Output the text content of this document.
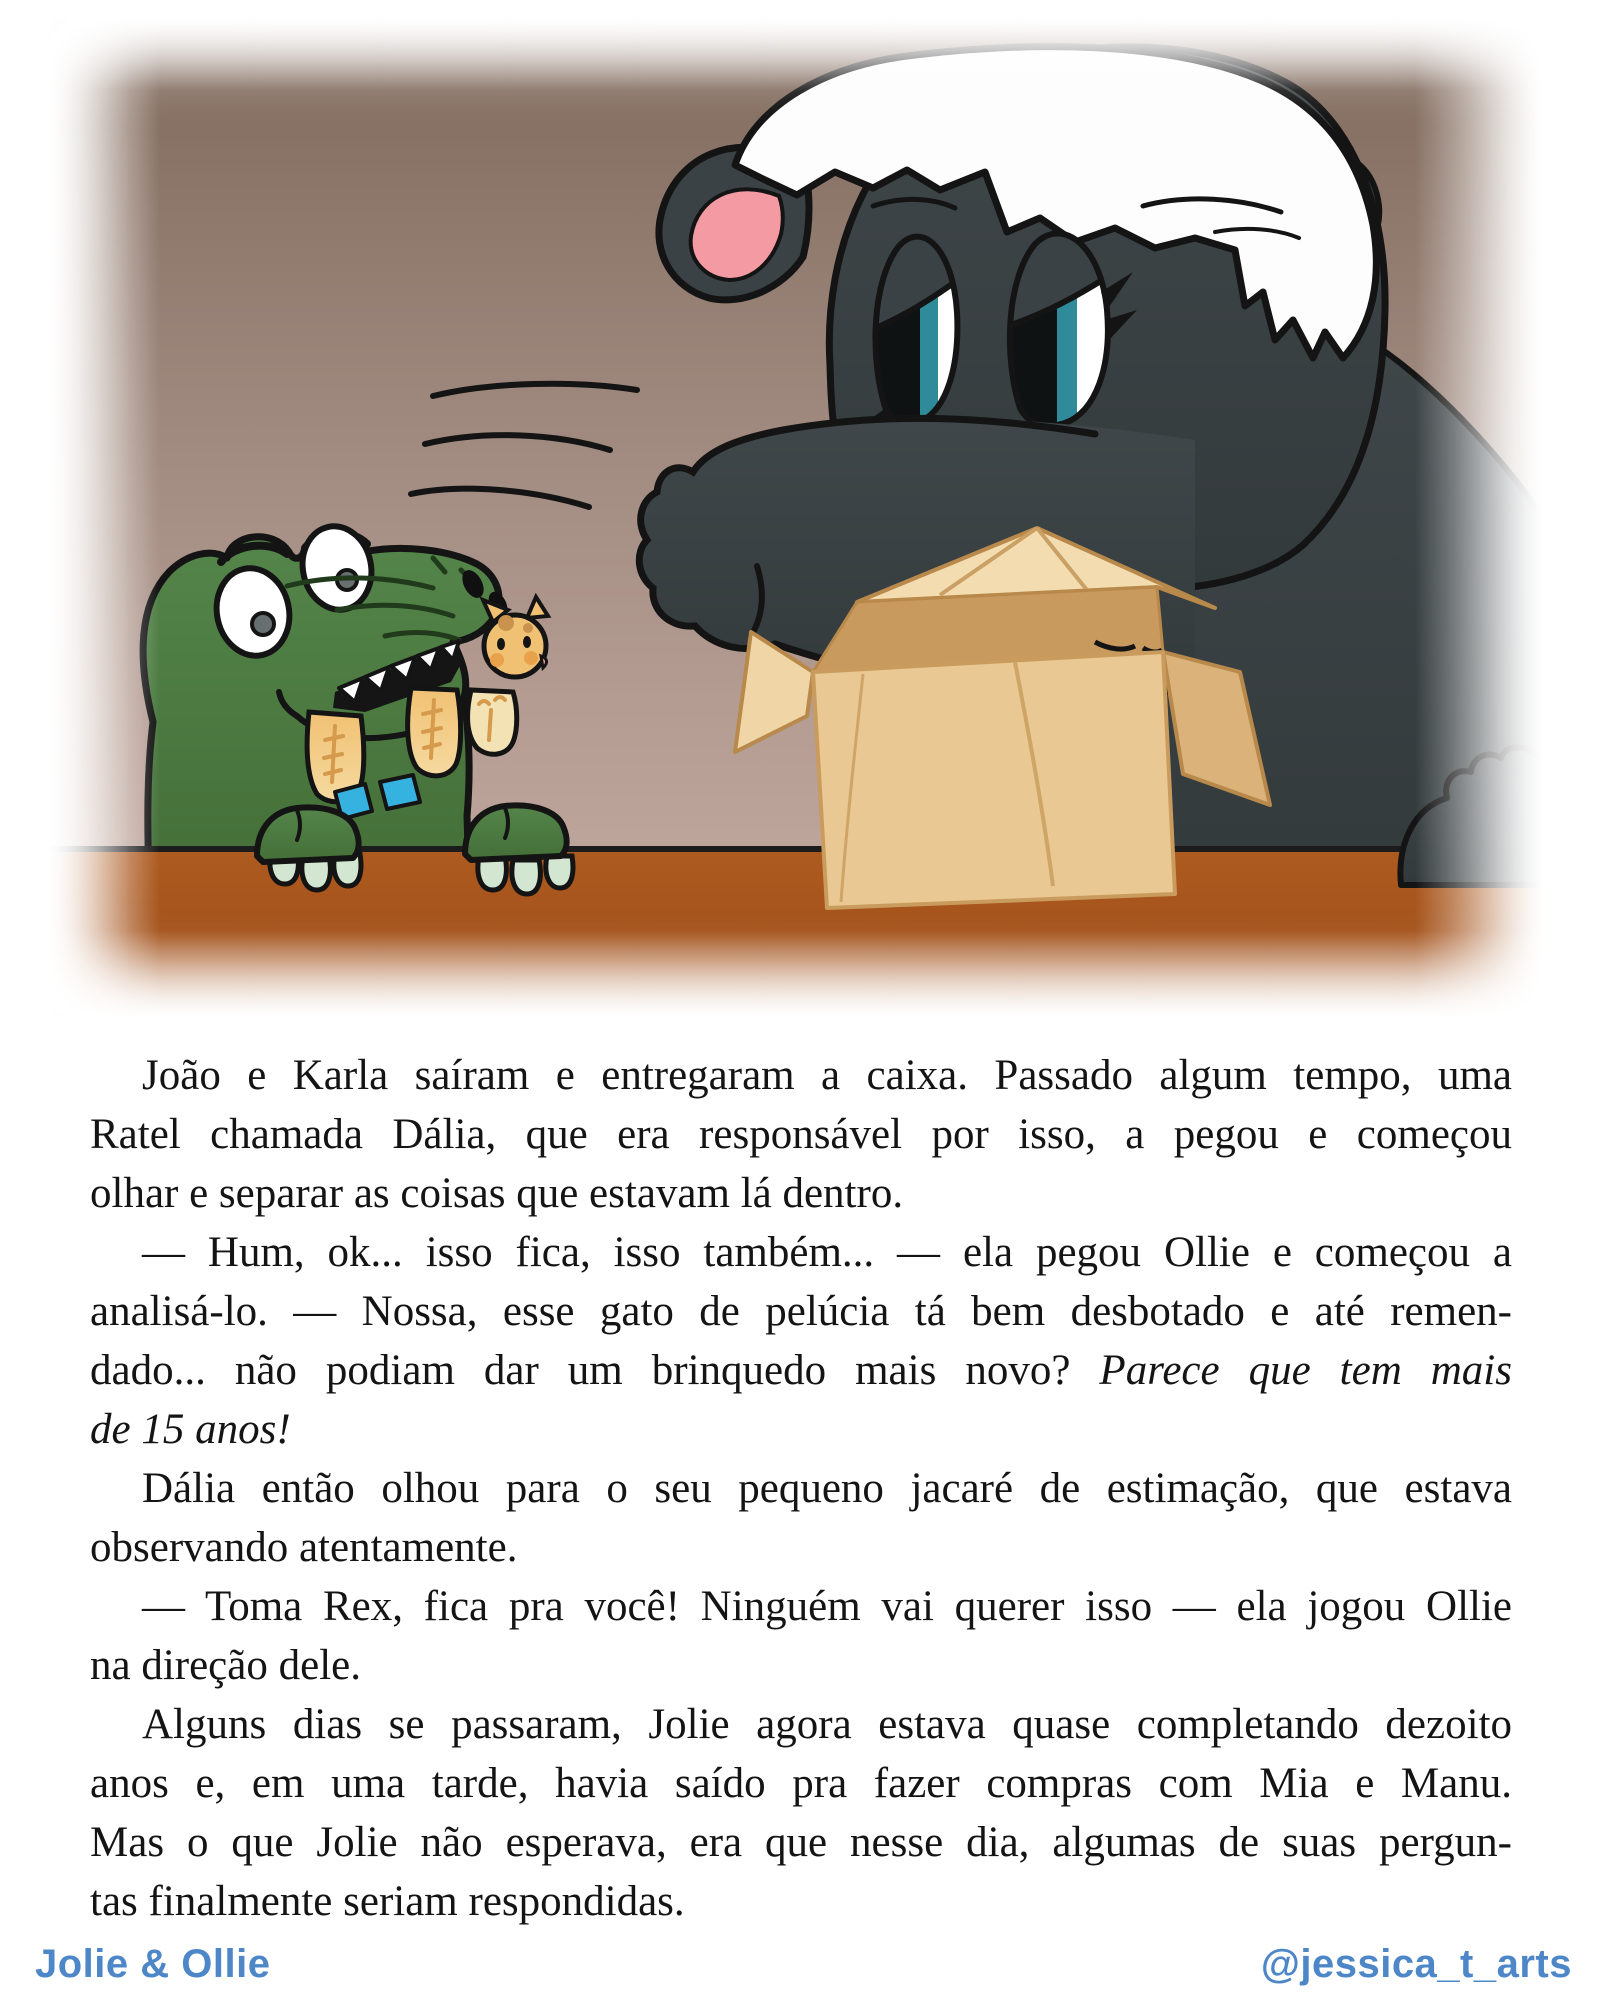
João e Karla saíram e entregaram a caixa. Passado algum tempo, uma
Ratel chamada Dália, que era responsável por isso, a pegou e começou
olhar e separar as coisas que estavam lá dentro.
— Hum, ok... isso fica, isso também... — ela pegou Ollie e começou a
analisá-lo. — Nossa, esse gato de pelúcia tá bem desbotado e até remen-
dado... não podiam dar um brinquedo mais novo? Parece que tem mais
de 15 anos!
Dália então olhou para o seu pequeno jacaré de estimação, que estava
observando atentamente.
— Toma Rex, fica pra você! Ninguém vai querer isso — ela jogou Ollie
na direção dele.
Alguns dias se passaram, Jolie agora estava quase completando dezoito
anos e, em uma tarde, havia saído pra fazer compras com Mia e Manu.
Mas o que Jolie não esperava, era que nesse dia, algumas de suas pergun-
tas finalmente seriam respondidas.
Jolie & Ollie	@jessica_t_arts
